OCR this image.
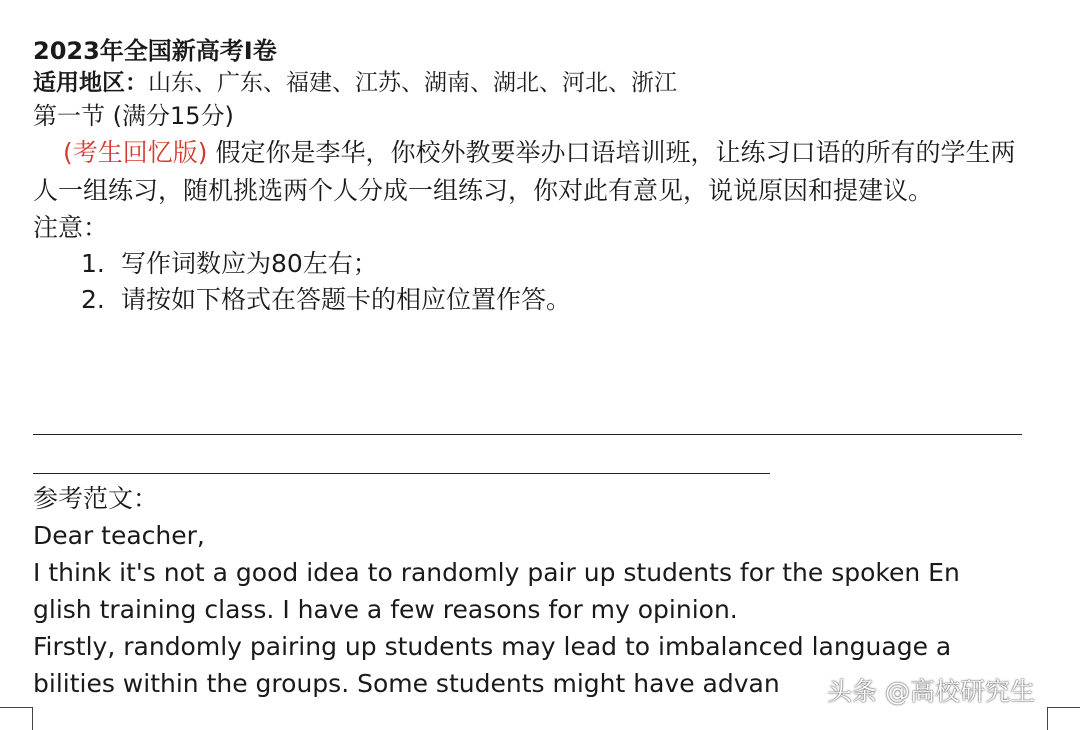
2023年全国新高考I卷
适用地区：山东、广东、福建、江苏、湖南、湖北、河北、浙江
第一节 (满分15分)
(考生回忆版) 假定你是李华，你校外教要举办口语培训班，让练习口语的所有的学生两人一组练习，随机挑选两个人分成一组练习，你对此有意见，说说原因和提建议。
注意：
1. 写作词数应为80左右；
2. 请按如下格式在答题卡的相应位置作答。
参考范文：
Dear teacher,
I think it's not a good idea to randomly pair up students for the spoken En
glish training class. I have a few reasons for my opinion.
Firstly, randomly pairing up students may lead to imbalanced language a
bilities within the groups. Some students might have advan	头条 @高校研究生
